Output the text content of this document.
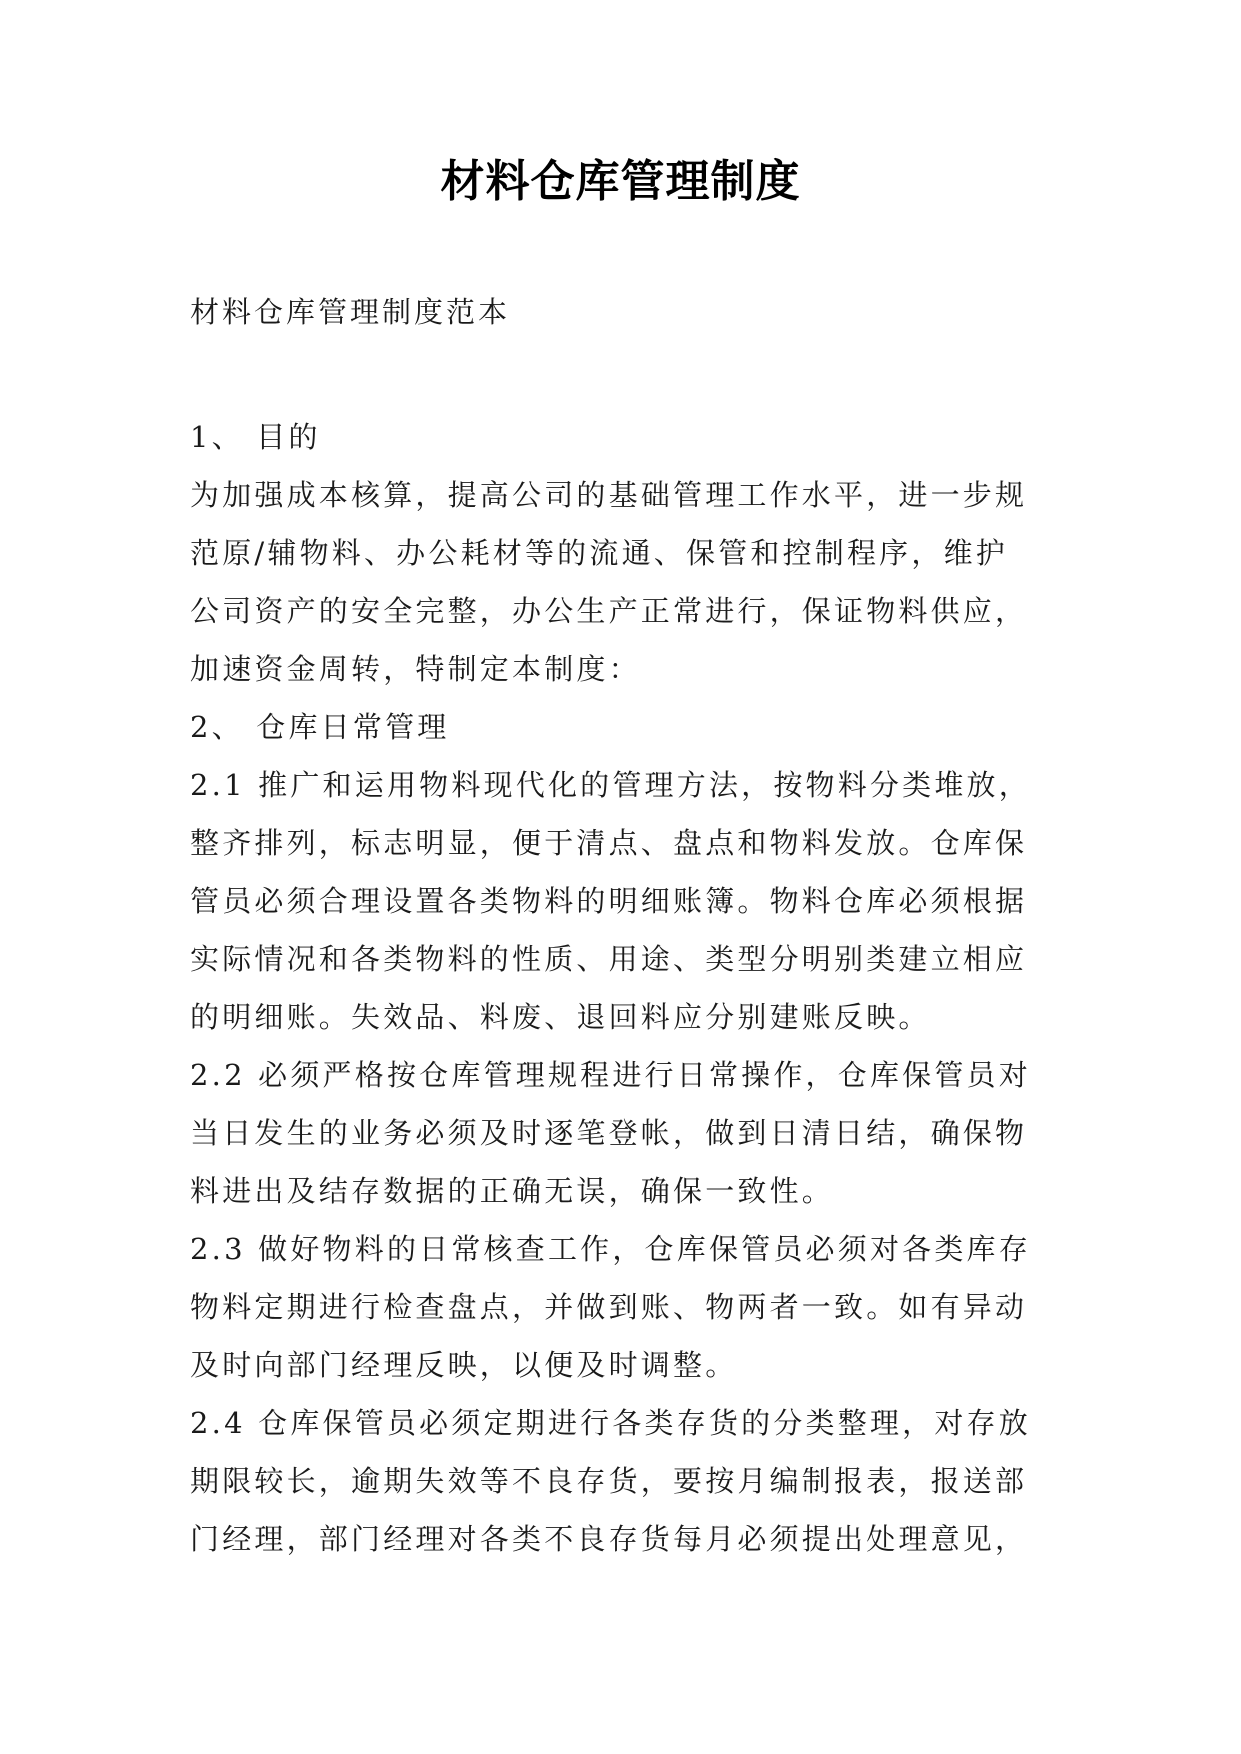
材料仓库管理制度

材料仓库管理制度范本

1、 目的
为加强成本核算，提高公司的基础管理工作水平，进一步规
范原/辅物料、办公耗材等的流通、保管和控制程序，维护
公司资产的安全完整，办公生产正常进行，保证物料供应，
加速资金周转，特制定本制度：
2、 仓库日常管理
2.1 推广和运用物料现代化的管理方法，按物料分类堆放，
整齐排列，标志明显，便于清点、盘点和物料发放。仓库保
管员必须合理设置各类物料的明细账簿。物料仓库必须根据
实际情况和各类物料的性质、用途、类型分明别类建立相应
的明细账。失效品、料废、退回料应分别建账反映。
2.2 必须严格按仓库管理规程进行日常操作，仓库保管员对
当日发生的业务必须及时逐笔登帐，做到日清日结，确保物
料进出及结存数据的正确无误，确保一致性。
2.3 做好物料的日常核查工作，仓库保管员必须对各类库存
物料定期进行检查盘点，并做到账、物两者一致。如有异动
及时向部门经理反映，以便及时调整。
2.4 仓库保管员必须定期进行各类存货的分类整理，对存放
期限较长，逾期失效等不良存货，要按月编制报表，报送部
门经理，部门经理对各类不良存货每月必须提出处理意见，
